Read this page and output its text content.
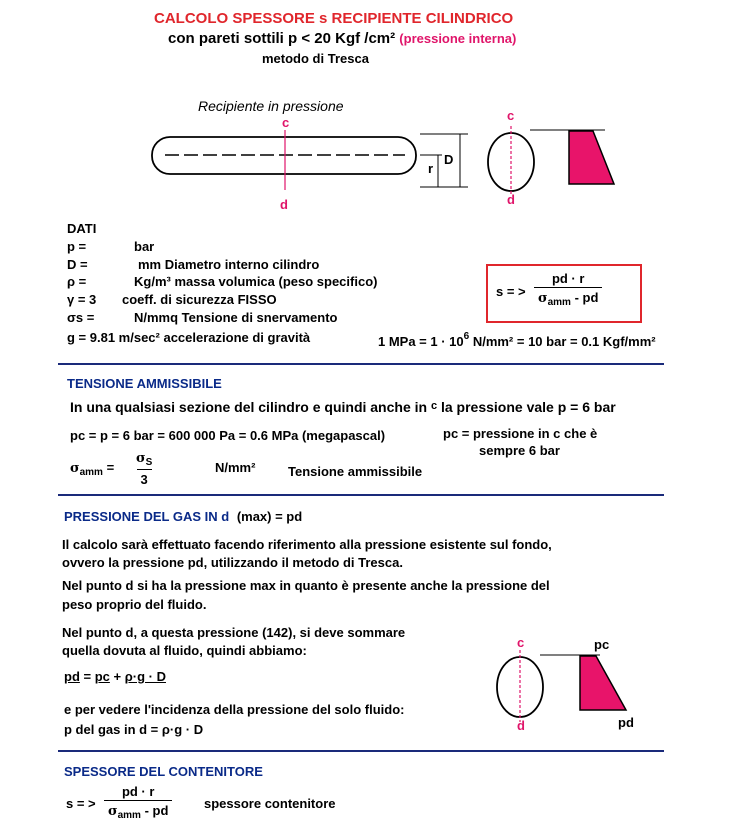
CALCOLO SPESSORE s RECIPIENTE CILINDRICO
con pareti sottili p < 20 Kgf /cm² (pressione interna)
metodo di Tresca
Recipiente in pressione
c
d
D
r
c
d
DATI
p =	bar
D =	mm Diametro interno cilindro
ρ =	Kg/m³ massa volumica (peso specifico)
γ = 3 coeff. di sicurezza FISSO
σs =	N/mmq Tensione di snervamento
g = 9.81 m/sec² accelerazione di gravità
s = >
pd · r
$\sigma_{amm}$ - pd
1 MPa = $1 \cdot 10^6$ N/mm² = 10 bar = 0.1 Kgf/mm²
TENSIONE AMMISSIBILE
In una qualsiasi sezione del cilindro e quindi anche in $^c$ la pressione vale p = 6 bar
pc = p = 6 bar = 600 000 Pa = 0.6 MPa (megapascal)	pc = pressione in c che è
sempre 6 bar
$\sigma_{amm} = \frac{\sigma_S}{3}$	N/mm²	Tensione ammissibile
PRESSIONE DEL GAS IN d (max) = pd
Il calcolo sarà effettuato facendo riferimento alla pressione esistente sul fondo,
ovvero la pressione pd, utilizzando il metodo di Tresca.
Nel punto d si ha la pressione max in quanto è presente anche la pressione del
peso proprio del fluido.
Nel punto d, a questa pressione (142), si deve sommare
quella dovuta al fluido, quindi abbiamo:
pd = pc + ρ·g · D
e per vedere l'incidenza della pressione del solo fluido:
p del gas in d = ρ·g · D
c
d
pc
pd
SPESSORE DEL CONTENITORE
s = >
pd · r
$\sigma_{amm}$ - pd	spessore contenitore
